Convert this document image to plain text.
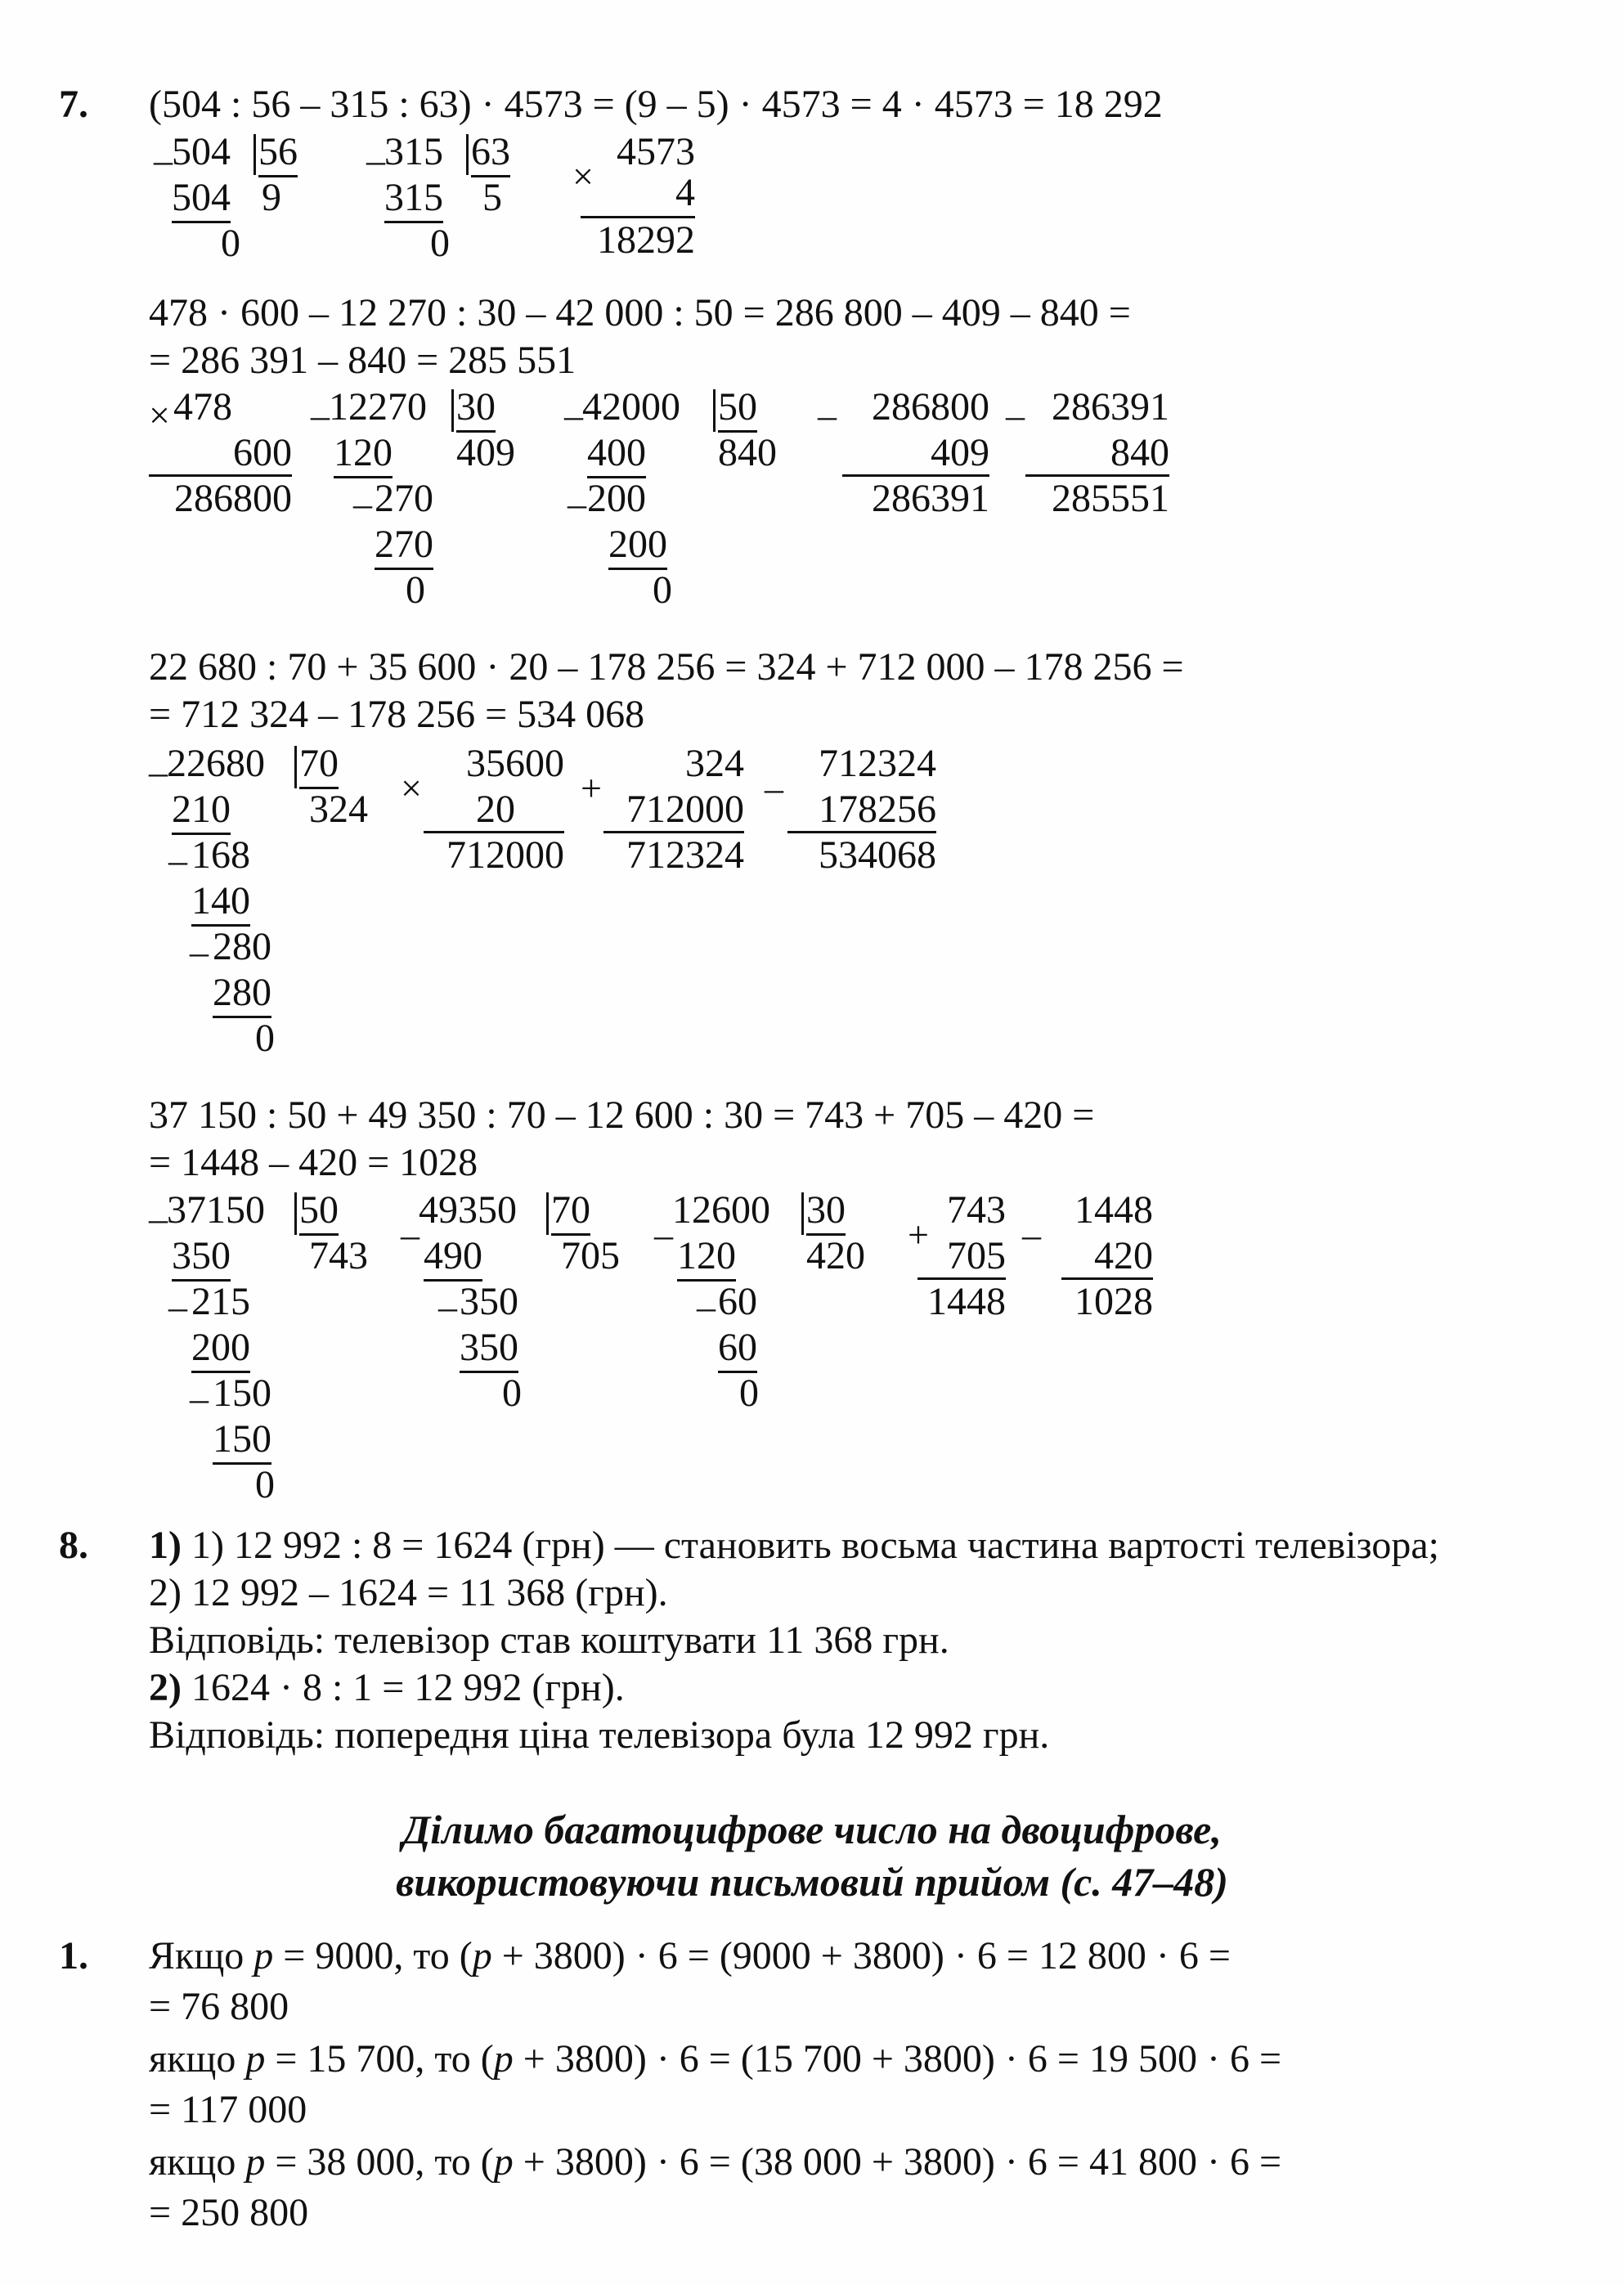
7. (504 : 56 – 315 : 63) · 4573 = (9 – 5) · 4573 = 4 · 4573 = 18 292
– 504 56
9
504
0
– 315 63
5
315
0
×
4573
4
18292
478 · 600 – 12 270 : 30 – 42 000 : 50 = 286 800 – 409 – 840 =
= 286 391 – 840 = 285 551
× 478
600
286800
– 12270 30
409
120
– 270
270
0
– 42000 50
840
400
– 200
200
0
– 286800
409
286391
– 286391
840
285551
22 680 : 70 + 35 600 · 20 – 178 256 = 324 + 712 000 – 178 256 =
= 712 324 – 178 256 = 534 068
– 22680 70
324
210
– 168
140
– 280
280
0
×
35600
20
712000
+
324
712000
712324
–
712324
178256
534068
37 150 : 50 + 49 350 : 70 – 12 600 : 30 = 743 + 705 – 420 =
= 1448 – 420 = 1028
– 37150 50
743
350
– 215
200
– 150
150
0
–
49350 70
705
490
– 350
350
0
–
12600 30
420
120
– 60
60
0
+
743
705
1448
–
1448
420
1028
8. 1) 1) 12 992 : 8 = 1624 (грн) — становить восьма частина вартості телевізора;
2) 12 992 – 1624 = 11 368 (грн).
Відповідь: телевізор став коштувати 11 368 грн.
2) 1624 · 8 : 1 = 12 992 (грн).
Відповідь: попередня ціна телевізора була 12 992 грн.
Ділимо багатоцифрове число на двоцифрове,
використовуючи письмовий прийом (с. 47–48)
1. Якщо p = 9000, то (p + 3800) · 6 = (9000 + 3800) · 6 = 12 800 · 6 =
= 76 800
якщо p = 15 700, то (p + 3800) · 6 = (15 700 + 3800) · 6 = 19 500 · 6 =
= 117 000
якщо p = 38 000, то (p + 3800) · 6 = (38 000 + 3800) · 6 = 41 800 · 6 =
= 250 800
